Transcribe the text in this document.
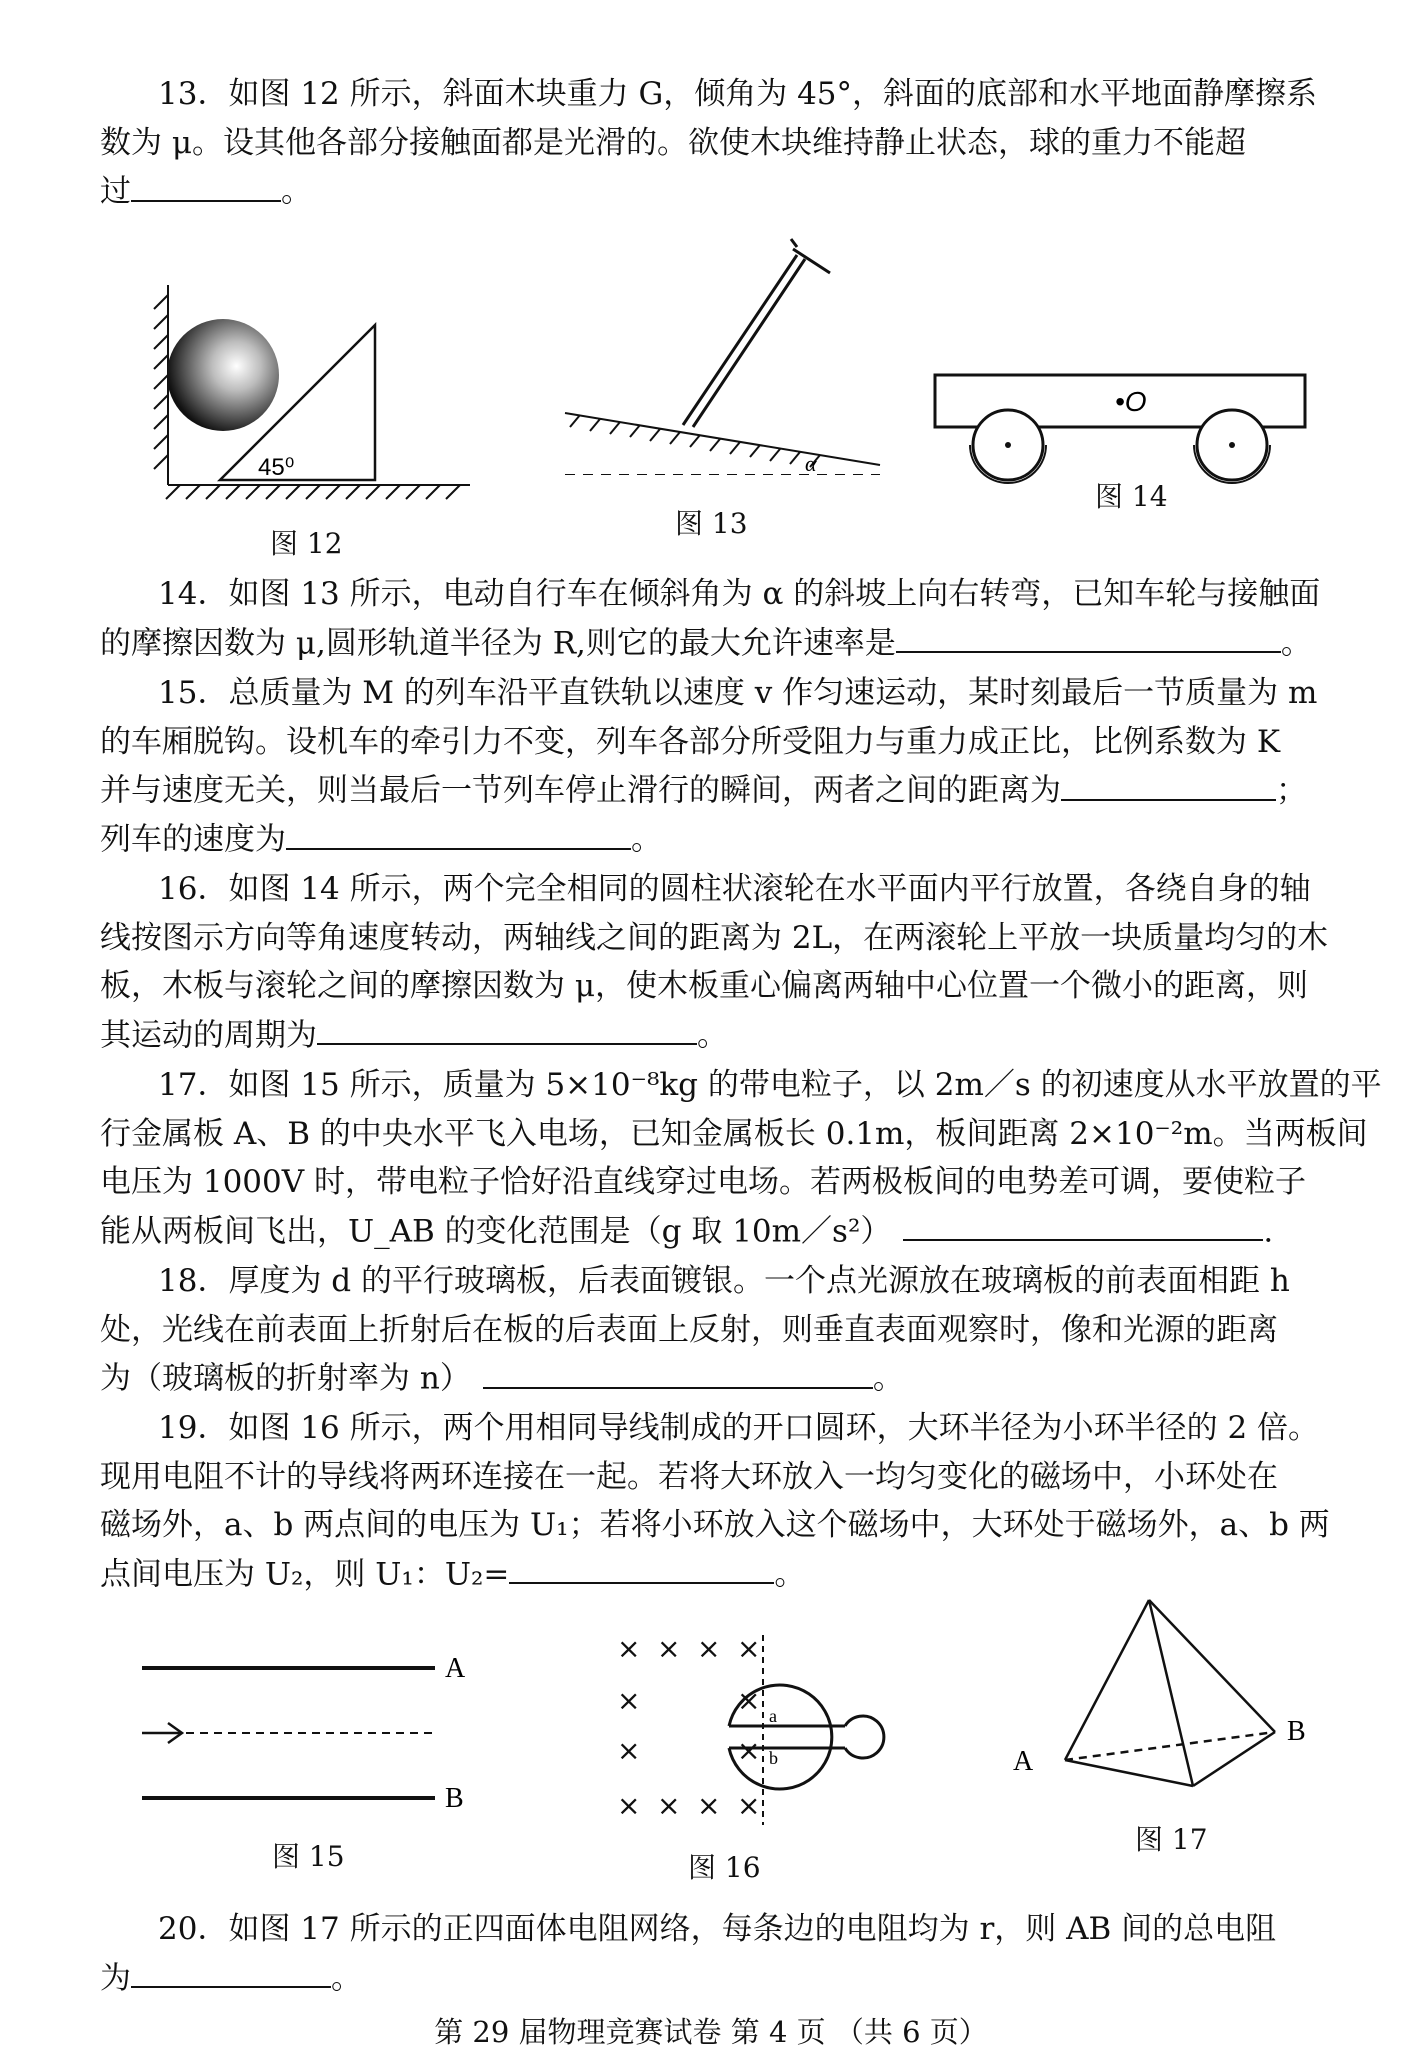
13．如图 12 所示，斜面木块重力 G，倾角为 45°，斜面的底部和水平地面静摩擦系
数为 μ。设其他各部分接触面都是光滑的。欲使木块维持静止状态，球的重力不能超
过	。
45⁰
图 12
α
图 13
•O
图 14
14．如图 13 所示，电动自行车在倾斜角为 α 的斜坡上向右转弯，已知车轮与接触面
的摩擦因数为 μ,圆形轨道半径为 R,则它的最大允许速率是	。
15．总质量为 M 的列车沿平直铁轨以速度 v 作匀速运动，某时刻最后一节质量为 m
的车厢脱钩。设机车的牵引力不变，列车各部分所受阻力与重力成正比，比例系数为 K
并与速度无关，则当最后一节列车停止滑行的瞬间，两者之间的距离为	；
列车的速度为	。
16．如图 14 所示，两个完全相同的圆柱状滚轮在水平面内平行放置，各绕自身的轴
线按图示方向等角速度转动，两轴线之间的距离为 2L，在两滚轮上平放一块质量均匀的木
板，木板与滚轮之间的摩擦因数为 μ，使木板重心偏离两轴中心位置一个微小的距离，则
其运动的周期为	。
17．如图 15 所示，质量为 5×10⁻⁸kg 的带电粒子，以 2m／s 的初速度从水平放置的平
行金属板 A、B 的中央水平飞入电场，已知金属板长 0.1m，板间距离 2×10⁻²m。当两板间
电压为 1000V 时，带电粒子恰好沿直线穿过电场。若两极板间的电势差可调，要使粒子
能从两板间飞出，U_AB 的变化范围是（g 取 10m／s²）	.
18．厚度为 d 的平行玻璃板，后表面镀银。一个点光源放在玻璃板的前表面相距 h
处，光线在前表面上折射后在板的后表面上反射，则垂直表面观察时，像和光源的距离
为（玻璃板的折射率为 n）	。
19．如图 16 所示，两个用相同导线制成的开口圆环，大环半径为小环半径的 2 倍。
现用电阻不计的导线将两环连接在一起。若将大环放入一均匀变化的磁场中，小环处在
磁场外，a、b 两点间的电压为 U₁；若将小环放入这个磁场中，大环处于磁场外，a、b 两
点间电压为 U₂，则 U₁：U₂=	。
A
B
图 15
× × × ×
×	×
×	×
× × × ×
a
b
图 16
A
B
图 17
20．如图 17 所示的正四面体电阻网络，每条边的电阻均为 r，则 AB 间的总电阻
为	。
第 29 届物理竞赛试卷 第 4 页 （共 6 页）
